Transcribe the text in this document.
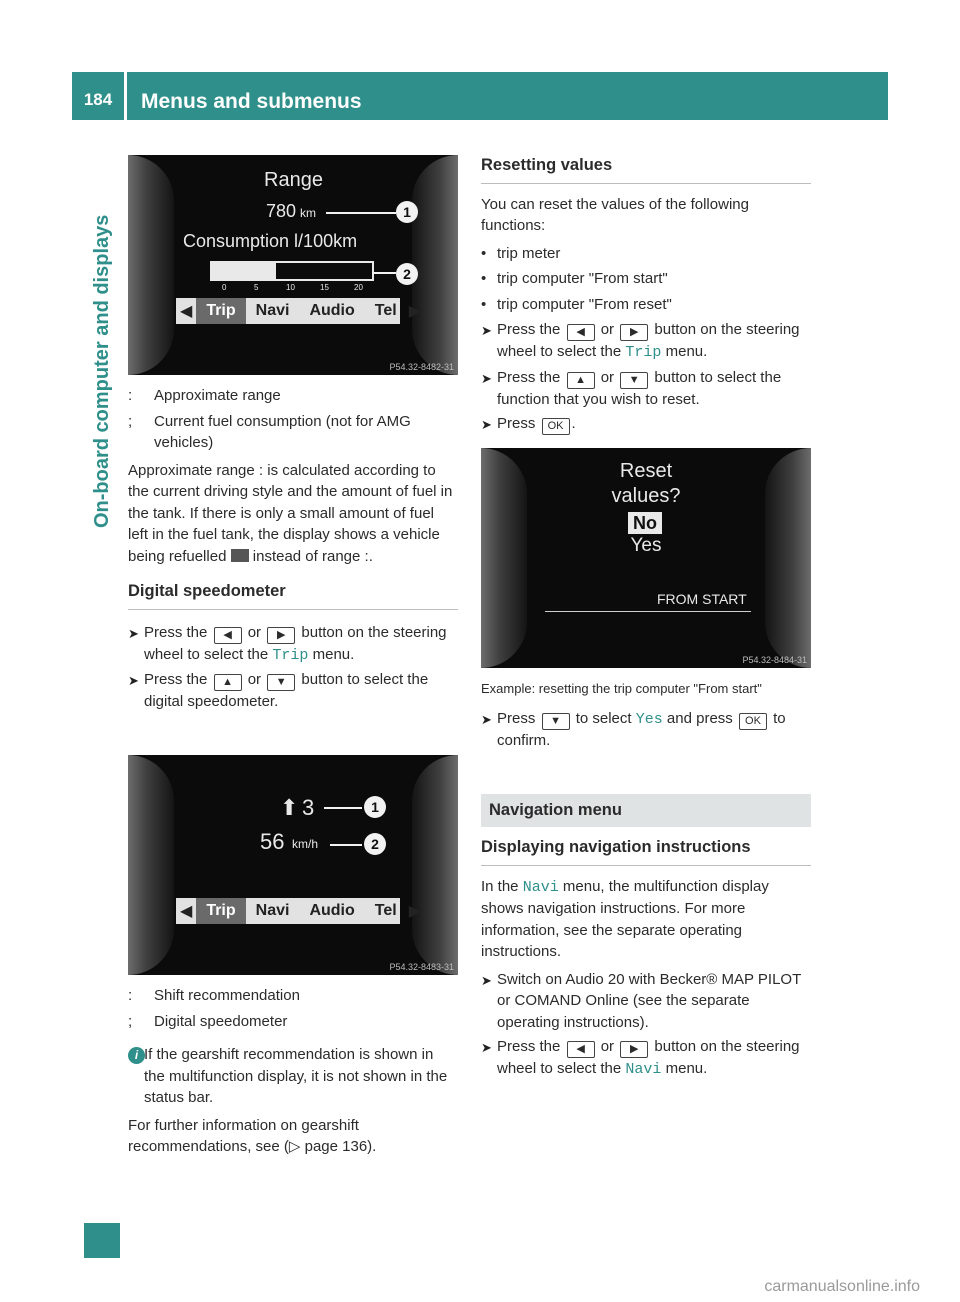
184	Menus and submenus
On-board computer and displays
Range
780 km	1
Consumption l/100km
2
0	5	10	15	20
◀ Trip	Navi	Audio	Tel ▶
P54.32-8482-31
:	Approximate range
;	Current fuel consumption (not for AMG vehicles)

Approximate range : is calculated according to the current driving style and the amount of fuel in the tank. If there is only a small amount of fuel left in the fuel tank, the display shows a vehicle being refuelled instead of range :.

Digital speedometer
➤ Press the ◀ or ▶ button on the steering wheel to select the Trip menu.
➤ Press the ▲ or ▼ button to select the digital speedometer.
⬆ 3	1
56 km/h	2
◀ Trip	Navi	Audio	Tel ▶
P54.32-8483-31
:	Shift recommendation
;	Digital speedometer
i If the gearshift recommendation is shown in the multifunction display, it is not shown in the status bar.

For further information on gearshift recommendations, see (▷ page 136).

Resetting values

You can reset the values of the following functions:

• trip meter
• trip computer "From start"
• trip computer "From reset"
➤ Press the ◀ or ▶ button on the steering wheel to select the Trip menu.
➤ Press the ▲ or ▼ button to select the function that you wish to reset.
➤ Press OK .
Reset
values?
No
Yes
FROM START
P54.32-8484-31

Example: resetting the trip computer "From start"

➤ Press ▼ to select Yes and press OK to confirm.
Navigation menu
Displaying navigation instructions

In the Navi menu, the multifunction display shows navigation instructions. For more information, see the separate operating instructions.

➤ Switch on Audio 20 with Becker® MAP PILOT or COMAND Online (see the separate operating instructions).
➤ Press the ◀ or ▶ button on the steering wheel to select the Navi menu.
carmanualsonline.info
